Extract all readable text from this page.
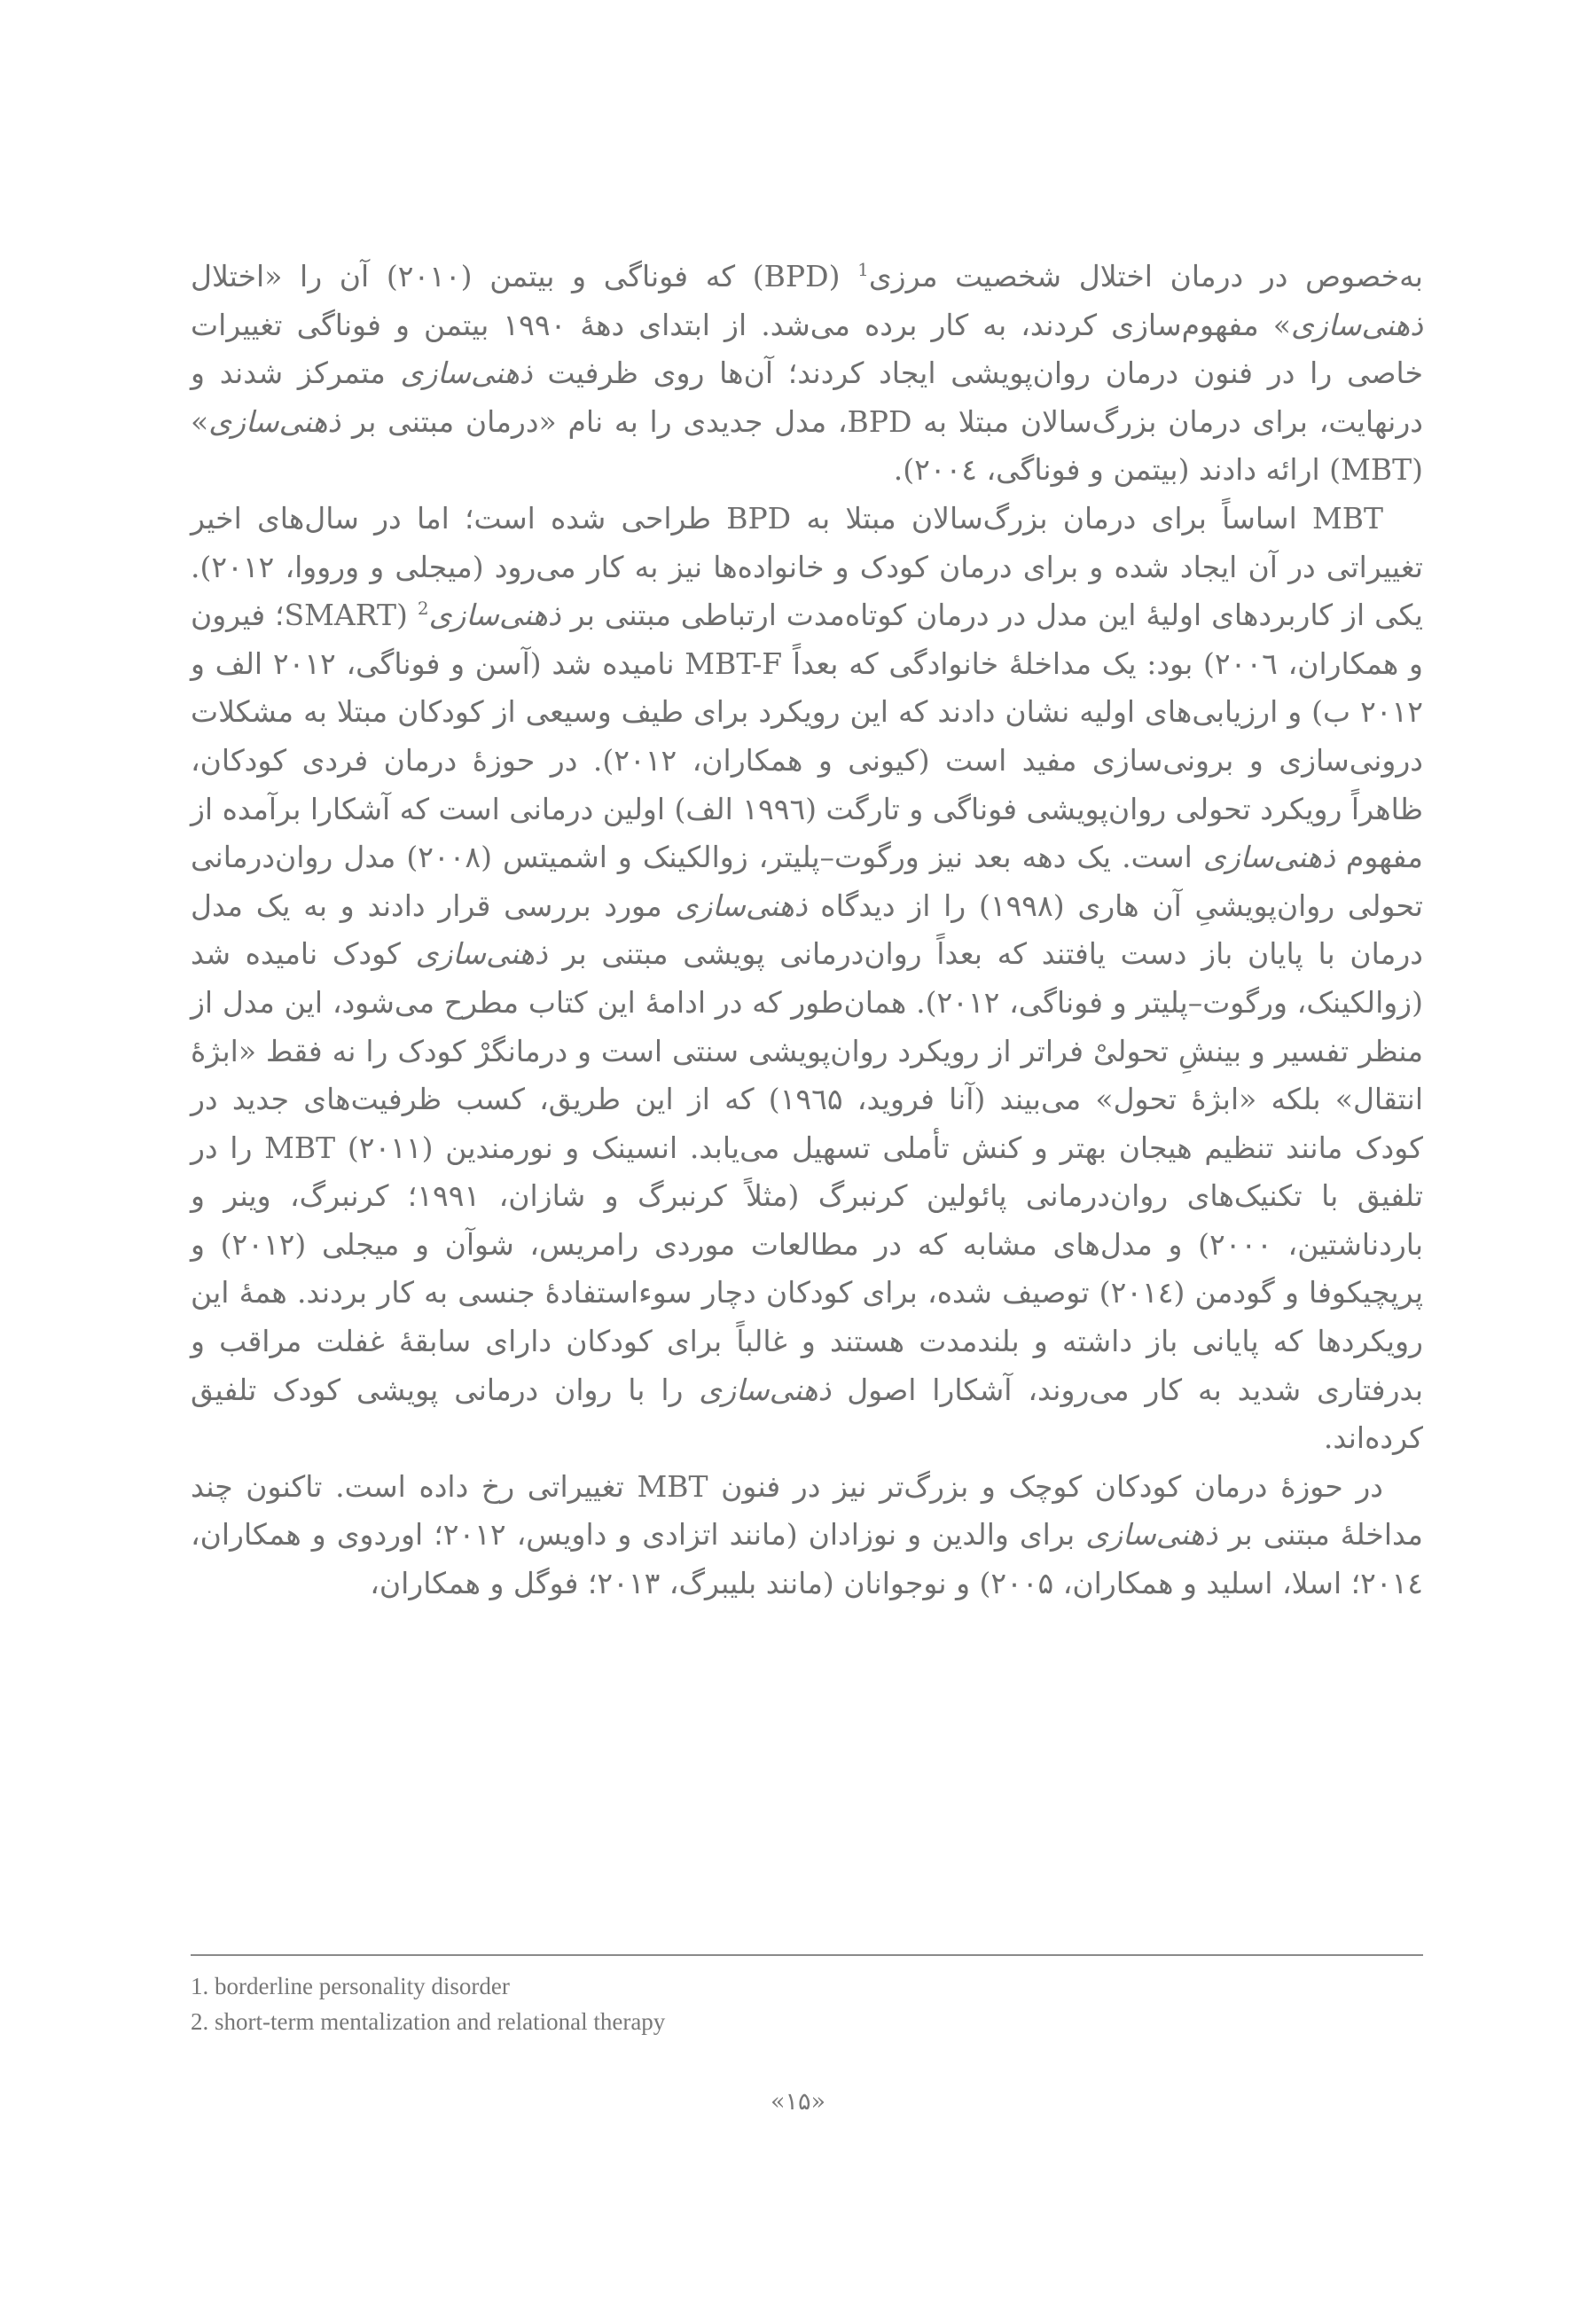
به‌خصوص در درمان اختلال شخصیت مرزی$^1$ (BPD) که فوناگی و بیتمن (۲۰۱۰) آن را «اختلال ذهنی‌سازی» مفهوم‌سازی کردند، به کار برده می‌شد. از ابتدای دهۀ ۱۹۹۰ بیتمن و فوناگی تغییرات خاصی را در فنون درمان روان‌پویشی ایجاد کردند؛ آن‌ها روی ظرفیت ذهنی‌سازی متمرکز شدند و درنهایت، برای درمان بزرگ‌سالان مبتلا به BPD، مدل جدیدی را به نام «درمان مبتنی بر ذهنی‌سازی» (MBT) ارائه دادند (بیتمن و فوناگی، ۲۰۰٤).

MBT اساساً برای درمان بزرگ‌سالان مبتلا به BPD طراحی شده است؛ اما در سال‌های اخیر تغییراتی در آن ایجاد شده و برای درمان کودک و خانواده‌ها نیز به کار می‌رود (میجلی و ورووا، ۲۰۱۲). یکی از کاربردهای اولیۀ این مدل در درمان کوتاه‌مدت ارتباطی مبتنی بر ذهنی‌سازی$^2$ (SMART؛ فیرون و همکاران، ۲۰۰٦) بود: یک مداخلۀ خانوادگی که بعداً MBT-F نامیده شد (آسن و فوناگی، ۲۰۱۲ الف و ۲۰۱۲ ب) و ارزیابی‌های اولیه نشان دادند که این رویکرد برای طیف وسیعی از کودکان مبتلا به مشکلات درونی‌سازی و برونی‌سازی مفید است (کیونی و همکاران، ۲۰۱۲). در حوزۀ درمان فردی کودکان، ظاهراً رویکرد تحولی روان‌پویشی فوناگی و تارگت (۱۹۹٦ الف) اولین درمانی است که آشکارا برآمده از مفهوم ذهنی‌سازی است. یک دهه بعد نیز ورگوت–پلیتر، زوالکینک و اشمیتس (۲۰۰۸) مدل روان‌درمانی تحولی روان‌پویشیِ آن هاری (۱۹۹۸) را از دیدگاه ذهنی‌سازی مورد بررسی قرار دادند و به یک مدل درمان با پایان باز دست یافتند که بعداً روان‌درمانی پویشی مبتنی بر ذهنی‌سازی کودک نامیده شد (زوالکینک، ورگوت–پلیتر و فوناگی، ۲۰۱۲). همان‌طور که در ادامۀ این کتاب مطرح می‌شود، این مدل از منظر تفسیر و بینشِ تحولیْ فراتر از رویکرد روان‌پویشی سنتی است و درمانگرْ کودک را نه فقط «ابژۀ انتقال» بلکه «ابژۀ تحول» می‌بیند (آنا فروید، ۱۹٦۵) که از این طریق، کسب ظرفیت‌های جدید در کودک مانند تنظیم هیجان بهتر و کنش تأملی تسهیل می‌یابد. انسینک و نورمندین (۲۰۱۱) MBT را در تلفیق با تکنیک‌های روان‌درمانی پائولین کرنبرگ (مثلاً کرنبرگ و شازان، ۱۹۹۱؛ کرنبرگ، وینر و باردناشتین، ۲۰۰۰) و مدل‌های مشابه که در مطالعات موردی رامریس، شوآن و میجلی (۲۰۱۲) و پرپچیکوفا و گودمن (۲۰۱٤) توصیف شده، برای کودکان دچار سوءاستفادۀ جنسی به کار بردند. همۀ این رویکردها که پایانی باز داشته و بلندمدت هستند و غالباً برای کودکان دارای سابقۀ غفلت مراقب و بدرفتاری شدید به کار می‌روند، آشکارا اصول ذهنی‌سازی را با روان درمانی پویشی کودک تلفیق کرده‌اند.

در حوزۀ درمان کودکان کوچک و بزرگ‌تر نیز در فنون MBT تغییراتی رخ داده است. تاکنون چند مداخلۀ مبتنی بر ذهنی‌سازی برای والدین و نوزادان (مانند اتزادی و داویس، ۲۰۱۲؛ اوردوی و همکاران، ۲۰۱٤؛ اسلا، اسلید و همکاران، ۲۰۰۵) و نوجوانان (مانند بلیبرگ، ۲۰۱۳؛ فوگل و همکاران،

1. borderline personality disorder
2. short-term mentalization and relational therapy
«۱۵»
